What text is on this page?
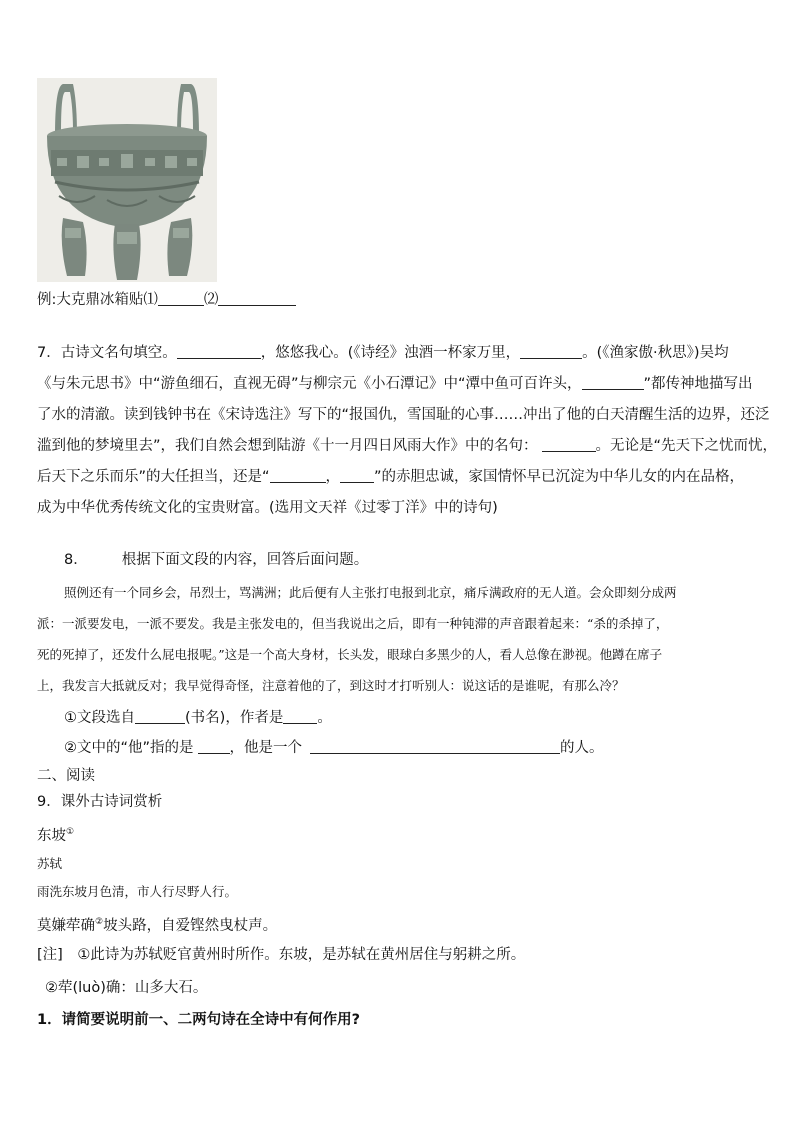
例:大克鼎冰箱贴⑴	⑵
7．古诗文名句填空。	，悠悠我心。(《诗经》浊酒一杯家万里，	。(《渔家傲·秋思》)吴均
《与朱元思书》中“游鱼细石，直视无碍”与柳宗元《小石潭记》中“潭中鱼可百许头，	”都传神地描写出
了水的清澈。读到钱钟书在《宋诗选注》写下的“报国仇，雪国耻的心事……冲出了他的白天清醒生活的边界，还泛
滥到他的梦境里去”，我们自然会想到陆游《十一月四日风雨大作》中的名句：	。无论是“先天下之忧而忧，
后天下之乐而乐”的大任担当，还是“	， ”的赤胆忠诚，家国情怀早已沉淀为中华儿女的内在品格，
成为中华优秀传统文化的宝贵财富。(选用文天祥《过零丁洋》中的诗句)
8． 根据下面文段的内容，回答后面问题。
照例还有一个同乡会，吊烈士，骂满洲；此后便有人主张打电报到北京，痛斥满政府的无人道。会众即刻分成两
派：一派要发电，一派不要发。我是主张发电的，但当我说出之后，即有一种钝滞的声音跟着起来：“杀的杀掉了，
死的死掉了，还发什么屁电报呢。”这是一个高大身材，长头发，眼球白多黑少的人，看人总像在渺视。他蹲在席子
上，我发言大抵就反对；我早觉得奇怪，注意着他的了，到这时才打听别人：说这话的是谁呢，有那么冷？
①文段选自	(书名)，作者是 。
②文中的“他”指的是 ，他是一个	的人。
二、阅读
9．课外古诗词赏析
东坡①
苏轼
雨洗东坡月色清，市人行尽野人行。
莫嫌荦确②坡头路，自爱铿然曳杖声。
[注]　①此诗为苏轼贬官黄州时所作。东坡，是苏轼在黄州居住与躬耕之所。
②荦(luò)确：山多大石。
1．请简要说明前一、二两句诗在全诗中有何作用?
